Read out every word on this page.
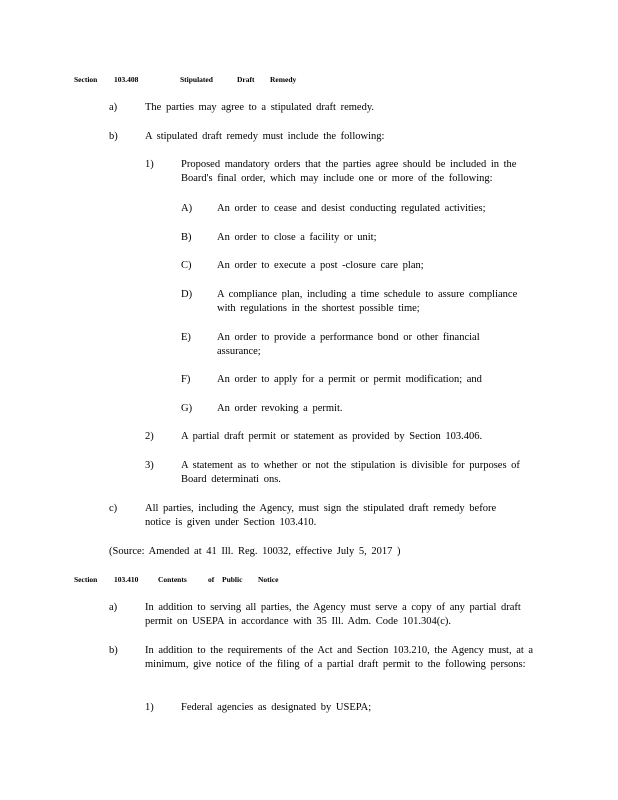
Section 103.408	Stipulated	Draft Remedy
a)	The parties may agree to a stipulated draft remedy.
b)	A stipulated draft remedy must include the following:
1)	Proposed mandatory orders that the parties agree should be included in the Board's final order, which may include one or more of the following:
A) An order to cease and desist conducting regulated activities;
B) An order to close a facility or unit;
C) An order to execute a post -closure care plan;
D) A compliance plan, including a time schedule to assure compliance with regulations in the shortest possible time;
E) An order to provide a performance bond or other financial assurance;
F)	An order to apply for a permit or permit modification; and
G) An order revoking a permit.
2)	A partial draft permit or statement as provided by Section 103.406.
3)	A statement as to whether or not the stipulation is divisible for purposes of Board determinati ons.
c)	All parties, including the Agency, must sign the stipulated draft remedy before notice is given under Section 103.410.
(Source: Amended at 41 Ill. Reg. 10032, effective July 5, 2017 )
Section 103.410	Contents	of Public Notice
a)	In addition to serving all parties, the Agency must serve a copy of any partial draft permit on USEPA in accordance with 35 Ill. Adm. Code 101.304(c).
b)	In addition to the requirements of the Act and Section 103.210, the Agency must, at a minimum, give notice of the filing of a partial draft permit to the following persons:
1)	Federal agencies as designated by USEPA;
